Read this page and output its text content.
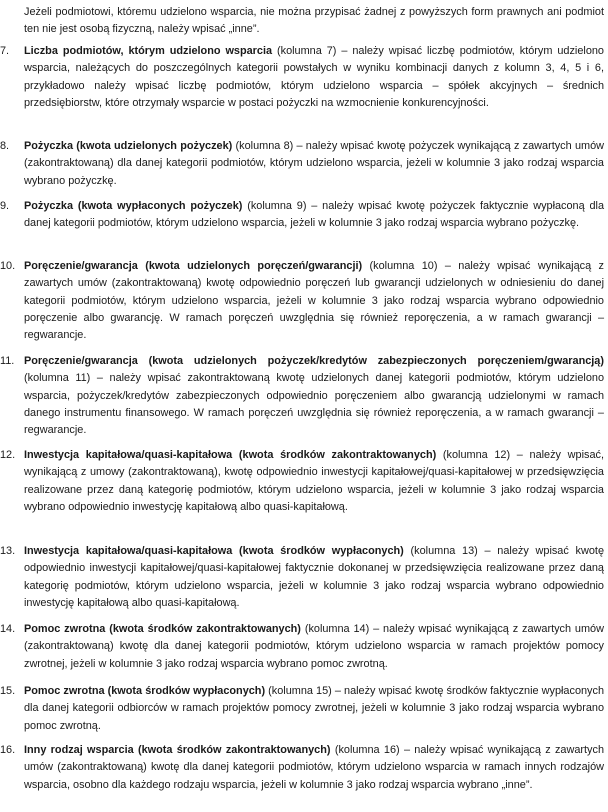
Jeżeli podmiotowi, któremu udzielono wsparcia, nie można przypisać żadnej z powyższych form prawnych ani podmiot ten nie jest osobą fizyczną, należy wpisać „inne”.
7.	Liczba podmiotów, którym udzielono wsparcia (kolumna 7) – należy wpisać liczbę podmiotów, którym udzielono wsparcia, należących do poszczególnych kategorii powstałych w wyniku kombinacji danych z kolumn 3, 4, 5 i 6, przykładowo należy wpisać liczbę podmiotów, którym udzielono wsparcia – spółek akcyjnych – średnich przedsiębiorstw, które otrzymały wsparcie w postaci pożyczki na wzmocnienie konkurencyjności.
8.	Pożyczka (kwota udzielonych pożyczek) (kolumna 8) – należy wpisać kwotę pożyczek wynikającą z zawartych umów (zakontraktowaną) dla danej kategorii podmiotów, którym udzielono wsparcia, jeżeli w kolumnie 3 jako rodzaj wsparcia wybrano pożyczkę.
9.	Pożyczka (kwota wypłaconych pożyczek) (kolumna 9) – należy wpisać kwotę pożyczek faktycznie wypłaconą dla danej kategorii podmiotów, którym udzielono wsparcia, jeżeli w kolumnie 3 jako rodzaj wsparcia wybrano pożyczkę.
10. Poręczenie/gwarancja (kwota udzielonych poręczeń/gwarancji) (kolumna 10) – należy wpisać wynikającą z zawartych umów (zakontraktowaną) kwotę odpowiednio poręczeń lub gwarancji udzielonych w odniesieniu do danej kategorii podmiotów, którym udzielono wsparcia, jeżeli w kolumnie 3 jako rodzaj wsparcia wybrano odpowiednio poręczenie albo gwarancję. W ramach poręczeń uwzględnia się również reporęczenia, a w ramach gwarancji – regwarancje.
11. Poręczenie/gwarancja (kwota udzielonych pożyczek/kredytów zabezpieczonych poręczeniem/gwarancją) (kolumna 11) – należy wpisać zakontraktowaną kwotę udzielonych danej kategorii podmiotów, którym udzielono wsparcia, pożyczek/kredytów zabezpieczonych odpowiednio poręczeniem albo gwarancją udzielonymi w ramach danego instrumentu finansowego. W ramach poręczeń uwzględnia się również reporęczenia, a w ramach gwarancji – regwarancje.
12. Inwestycja kapitałowa/quasi-kapitałowa (kwota środków zakontraktowanych) (kolumna 12) – należy wpisać, wynikającą z umowy (zakontraktowaną), kwotę odpowiednio inwestycji kapitałowej/quasi-kapitałowej w przedsięwzięcia realizowane przez daną kategorię podmiotów, którym udzielono wsparcia, jeżeli w kolumnie 3 jako rodzaj wsparcia wybrano odpowiednio inwestycję kapitałową albo quasi-kapitałową.
13. Inwestycja kapitałowa/quasi-kapitałowa (kwota środków wypłaconych) (kolumna 13) – należy wpisać kwotę odpowiednio inwestycji kapitałowej/quasi-kapitałowej faktycznie dokonanej w przedsięwzięcia realizowane przez daną kategorię podmiotów, którym udzielono wsparcia, jeżeli w kolumnie 3 jako rodzaj wsparcia wybrano odpowiednio inwestycję kapitałową albo quasi-kapitałową.
14. Pomoc zwrotna (kwota środków zakontraktowanych) (kolumna 14) – należy wpisać wynikającą z zawartych umów (zakontraktowaną) kwotę dla danej kategorii podmiotów, którym udzielono wsparcia w ramach projektów pomocy zwrotnej, jeżeli w kolumnie 3 jako rodzaj wsparcia wybrano pomoc zwrotną.
15. Pomoc zwrotna (kwota środków wypłaconych) (kolumna 15) – należy wpisać kwotę środków faktycznie wypłaconych dla danej kategorii odbiorców w ramach projektów pomocy zwrotnej, jeżeli w kolumnie 3 jako rodzaj wsparcia wybrano pomoc zwrotną.
16. Inny rodzaj wsparcia (kwota środków zakontraktowanych) (kolumna 16) – należy wpisać wynikającą z zawartych umów (zakontraktowaną) kwotę dla danej kategorii podmiotów, którym udzielono wsparcia w ramach innych rodzajów wsparcia, osobno dla każdego rodzaju wsparcia, jeżeli w kolumnie 3 jako rodzaj wsparcia wybrano „inne”.
